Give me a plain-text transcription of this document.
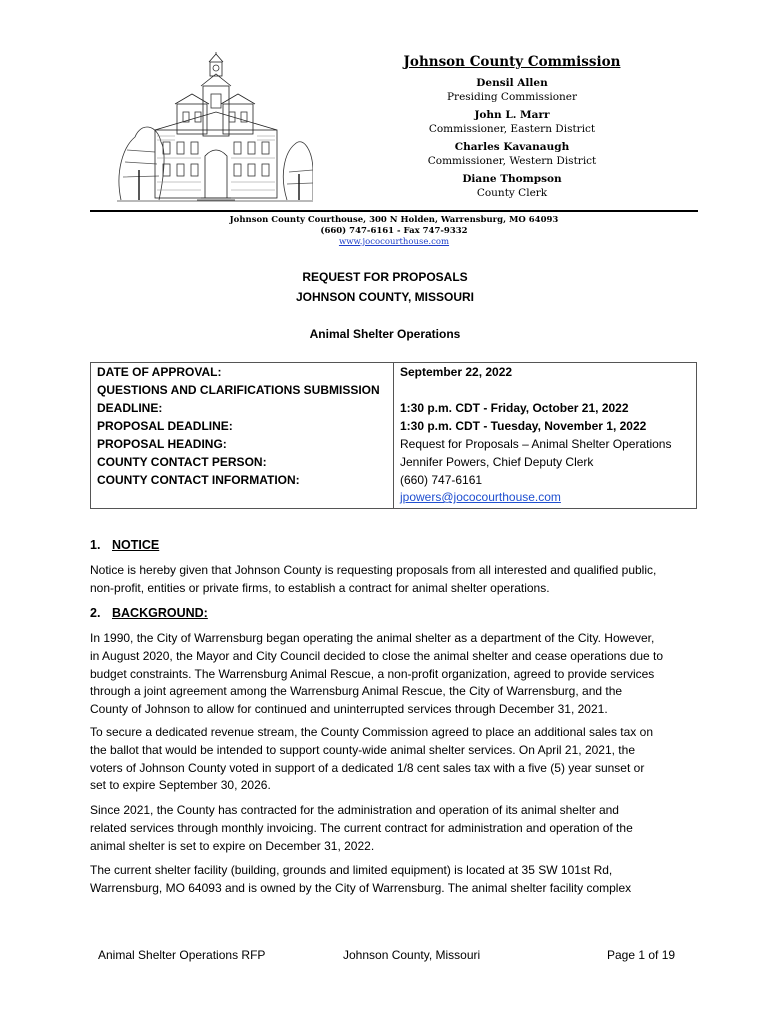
Johnson County Commission
Densil Allen
Presiding Commissioner
John L. Marr
Commissioner, Eastern District
Charles Kavanaugh
Commissioner, Western District
Diane Thompson
County Clerk
Johnson County Courthouse, 300 N Holden, Warrensburg, MO 64093
(660) 747-6161 - Fax 747-9332
www.jococourthouse.com
REQUEST FOR PROPOSALS
JOHNSON COUNTY, MISSOURI
Animal Shelter Operations
DATE OF APPROVAL:	September 22, 2022
QUESTIONS AND CLARIFICATIONS SUBMISSION
DEADLINE:	1:30 p.m. CDT - Friday, October 21, 2022
PROPOSAL DEADLINE:	1:30 p.m. CDT - Tuesday, November 1, 2022
PROPOSAL HEADING:	Request for Proposals – Animal Shelter Operations
COUNTY CONTACT PERSON:	Jennifer Powers, Chief Deputy Clerk
COUNTY CONTACT INFORMATION:	(660) 747-6161
jpowers@jococourthouse.com
1. NOTICE
Notice is hereby given that Johnson County is requesting proposals from all interested and qualified public,
non-profit, entities or private firms, to establish a contract for animal shelter operations.
2. BACKGROUND:
In 1990, the City of Warrensburg began operating the animal shelter as a department of the City. However,
in August 2020, the Mayor and City Council decided to close the animal shelter and cease operations due to
budget constraints. The Warrensburg Animal Rescue, a non-profit organization, agreed to provide services
through a joint agreement among the Warrensburg Animal Rescue, the City of Warrensburg, and the
County of Johnson to allow for continued and uninterrupted services through December 31, 2021.
To secure a dedicated revenue stream, the County Commission agreed to place an additional sales tax on
the ballot that would be intended to support county-wide animal shelter services. On April 21, 2021, the
voters of Johnson County voted in support of a dedicated 1/8 cent sales tax with a five (5) year sunset or
set to expire September 30, 2026.
Since 2021, the County has contracted for the administration and operation of its animal shelter and
related services through monthly invoicing. The current contract for administration and operation of the
animal shelter is set to expire on December 31, 2022.
The current shelter facility (building, grounds and limited equipment) is located at 35 SW 101st Rd,
Warrensburg, MO 64093 and is owned by the City of Warrensburg. The animal shelter facility complex
Animal Shelter Operations RFP	Johnson County, Missouri	Page 1 of 19
